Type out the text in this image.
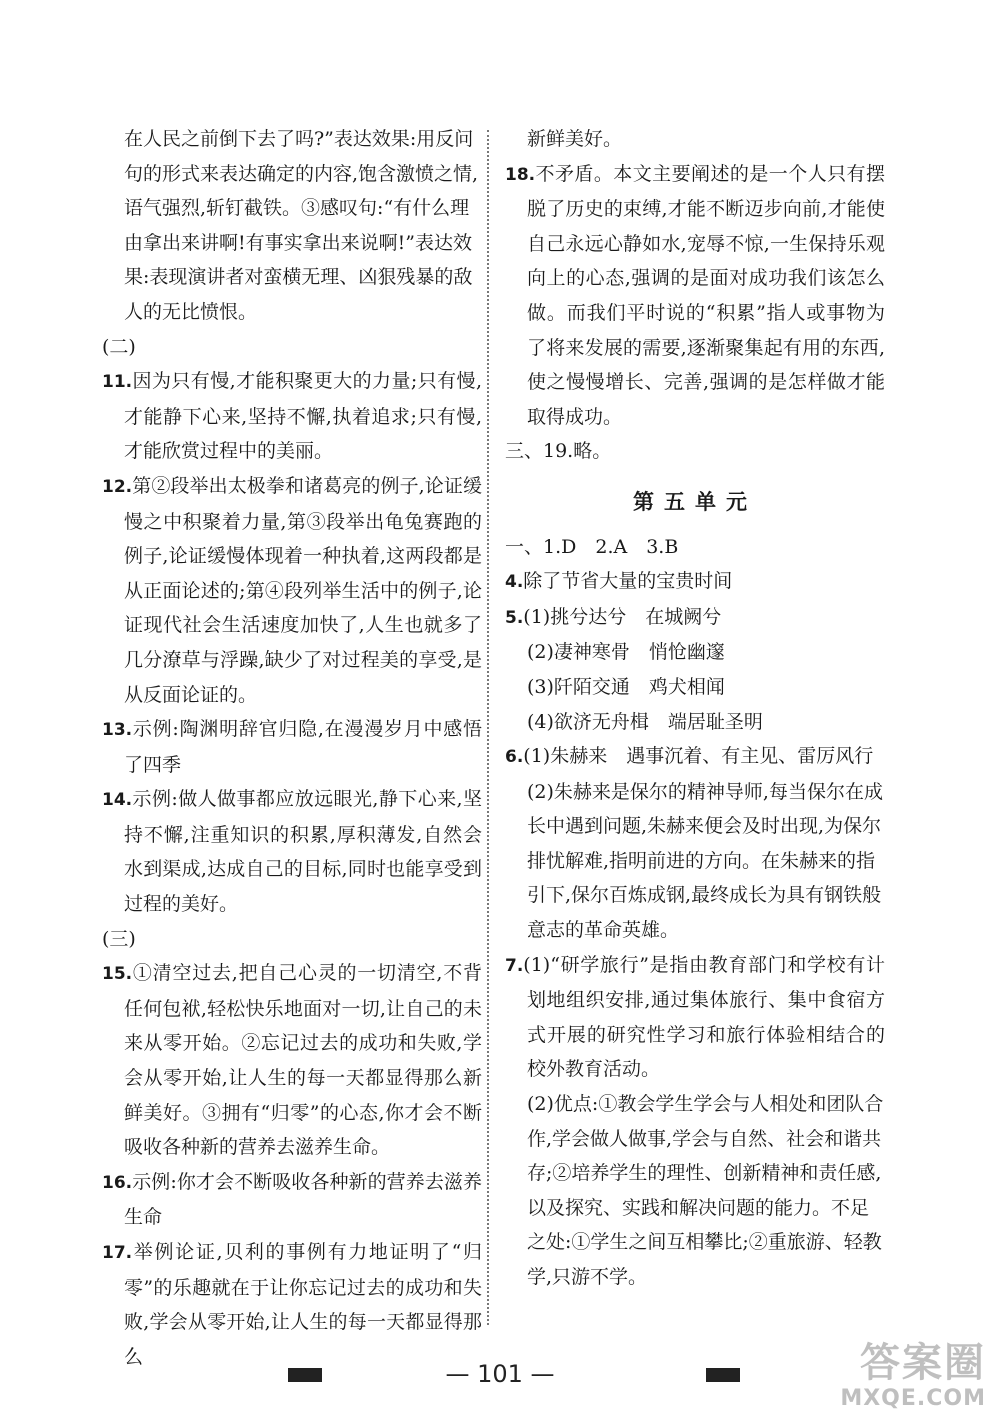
在人民之前倒下去了吗?”表达效果:用反问句的形式来表达确定的内容,饱含激愤之情,语气强烈,斩钉截铁。③感叹句:“有什么理由拿出来讲啊!有事实拿出来说啊!”表达效果:表现演讲者对蛮横无理、凶狠残暴的敌人的无比愤恨。

(二)

11.因为只有慢,才能积聚更大的力量;只有慢,才能静下心来,坚持不懈,执着追求;只有慢,才能欣赏过程中的美丽。

12.第②段举出太极拳和诸葛亮的例子,论证缓慢之中积聚着力量,第③段举出龟兔赛跑的例子,论证缓慢体现着一种执着,这两段都是从正面论述的;第④段列举生活中的例子,论证现代社会生活速度加快了,人生也就多了几分潦草与浮躁,缺少了对过程美的享受,是从反面论证的。

13.示例:陶渊明辞官归隐,在漫漫岁月中感悟了四季

14.示例:做人做事都应放远眼光,静下心来,坚持不懈,注重知识的积累,厚积薄发,自然会水到渠成,达成自己的目标,同时也能享受到过程的美好。

(三)

15.①清空过去,把自己心灵的一切清空,不背任何包袱,轻松快乐地面对一切,让自己的未来从零开始。②忘记过去的成功和失败,学会从零开始,让人生的每一天都显得那么新鲜美好。③拥有“归零”的心态,你才会不断吸收各种新的营养去滋养生命。

16.示例:你才会不断吸收各种新的营养去滋养生命

17.举例论证,贝利的事例有力地证明了“归零”的乐趣就在于让你忘记过去的成功和失败,学会从零开始,让人生的每一天都显得那么

新鲜美好。

18.不矛盾。本文主要阐述的是一个人只有摆脱了历史的束缚,才能不断迈步向前,才能使自己永远心静如水,宠辱不惊,一生保持乐观向上的心态,强调的是面对成功我们该怎么做。而我们平时说的“积累”指人或事物为了将来发展的需要,逐渐聚集起有用的东西,使之慢慢增长、完善,强调的是怎样做才能取得成功。

三、19.略。

第五单元

一、1.D　2.A　3.B

4.除了节省大量的宝贵时间

5.(1)挑兮达兮　在城阙兮

(2)凄神寒骨　悄怆幽邃

(3)阡陌交通　鸡犬相闻

(4)欲济无舟楫　端居耻圣明

6.(1)朱赫来　遇事沉着、有主见、雷厉风行

(2)朱赫来是保尔的精神导师,每当保尔在成长中遇到问题,朱赫来便会及时出现,为保尔排忧解难,指明前进的方向。在朱赫来的指引下,保尔百炼成钢,最终成长为具有钢铁般意志的革命英雄。

7.(1)“研学旅行”是指由教育部门和学校有计划地组织安排,通过集体旅行、集中食宿方式开展的研究性学习和旅行体验相结合的校外教育活动。

(2)优点:①教会学生学会与人相处和团队合作,学会做人做事,学会与自然、社会和谐共存;②培养学生的理性、创新精神和责任感,以及探究、实践和解决问题的能力。不足之处:①学生之间互相攀比;②重旅游、轻教学,只游不学。

— 101 —	答案圈
MXQE.COM
